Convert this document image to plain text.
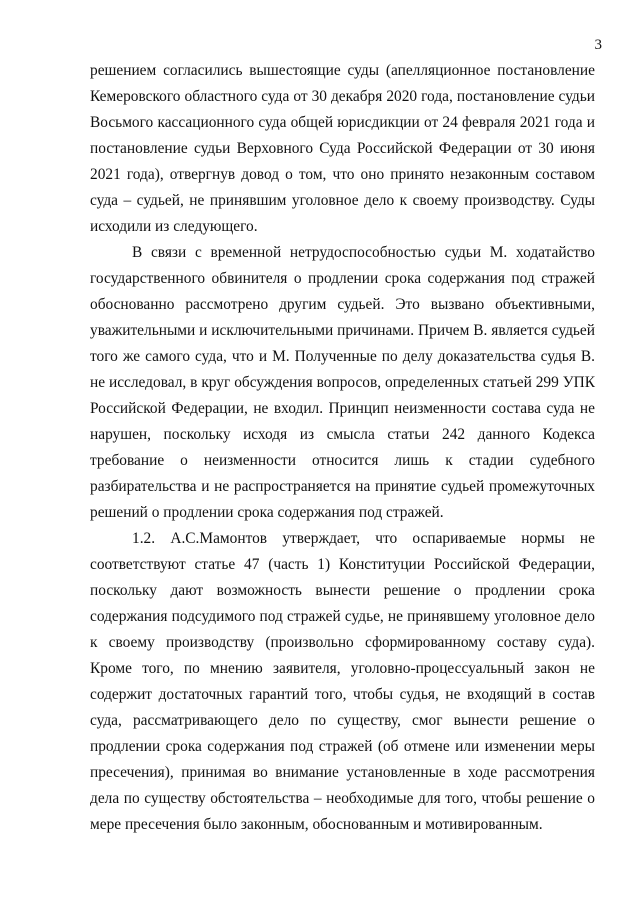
3

решением согласились вышестоящие суды (апелляционное постановление Кемеровского областного суда от 30 декабря 2020 года, постановление судьи Восьмого кассационного суда общей юрисдикции от 24 февраля 2021 года и постановление судьи Верховного Суда Российской Федерации от 30 июня 2021 года), отвергнув довод о том, что оно принято незаконным составом суда – судьей, не принявшим уголовное дело к своему производству. Суды исходили из следующего.

В связи с временной нетрудоспособностью судьи М. ходатайство государственного обвинителя о продлении срока содержания под стражей обоснованно рассмотрено другим судьей. Это вызвано объективными, уважительными и исключительными причинами. Причем В. является судьей того же самого суда, что и М. Полученные по делу доказательства судья В. не исследовал, в круг обсуждения вопросов, определенных статьей 299 УПК Российской Федерации, не входил. Принцип неизменности состава суда не нарушен, поскольку исходя из смысла статьи 242 данного Кодекса требование о неизменности относится лишь к стадии судебного разбирательства и не распространяется на принятие судьей промежуточных решений о продлении срока содержания под стражей.

1.2. А.С.Мамонтов утверждает, что оспариваемые нормы не соответствуют статье 47 (часть 1) Конституции Российской Федерации, поскольку дают возможность вынести решение о продлении срока содержания подсудимого под стражей судье, не принявшему уголовное дело к своему производству (произвольно сформированному составу суда). Кроме того, по мнению заявителя, уголовно-процессуальный закон не содержит достаточных гарантий того, чтобы судья, не входящий в состав суда, рассматривающего дело по существу, смог вынести решение о продлении срока содержания под стражей (об отмене или изменении меры пресечения), принимая во внимание установленные в ходе рассмотрения дела по существу обстоятельства – необходимые для того, чтобы решение о мере пресечения было законным, обоснованным и мотивированным.
